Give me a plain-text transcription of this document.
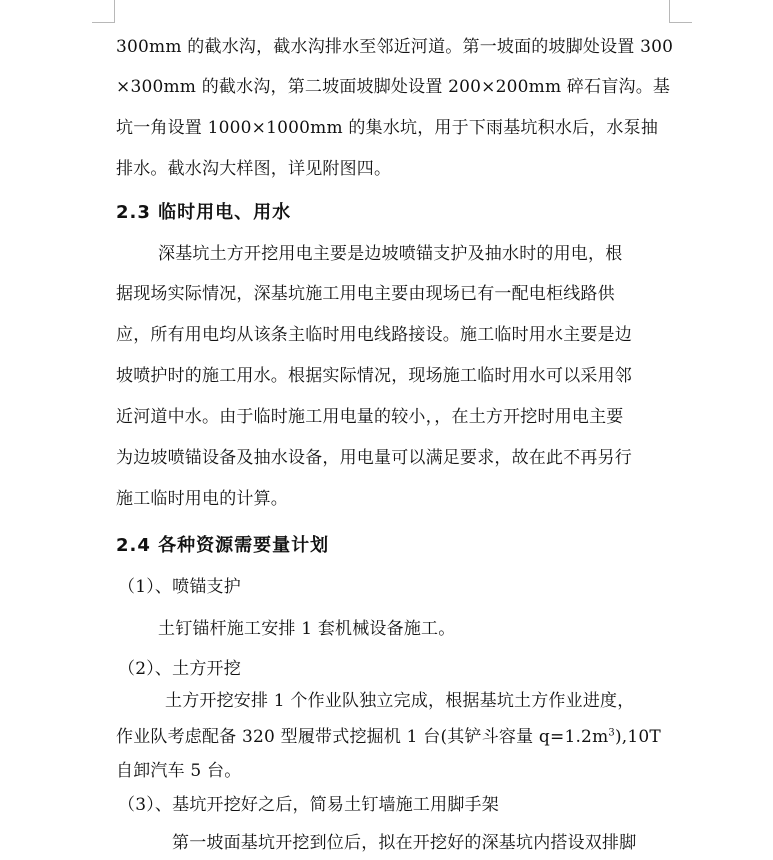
300mm 的截水沟，截水沟排水至邻近河道。第一坡面的坡脚处设置 300
×300mm 的截水沟，第二坡面坡脚处设置 200×200mm 碎石盲沟。基
坑一角设置 1000×1000mm 的集水坑，用于下雨基坑积水后，水泵抽
排水。截水沟大样图，详见附图四。
2.3 临时用电、用水
深基坑土方开挖用电主要是边坡喷锚支护及抽水时的用电，根
据现场实际情况，深基坑施工用电主要由现场已有一配电柜线路供
应，所有用电均从该条主临时用电线路接设。施工临时用水主要是边
坡喷护时的施工用水。根据实际情况，现场施工临时用水可以采用邻
近河道中水。由于临时施工用电量的较小，，在土方开挖时用电主要
为边坡喷锚设备及抽水设备，用电量可以满足要求，故在此不再另行
施工临时用电的计算。
2.4 各种资源需要量计划
（1）、喷锚支护
土钉锚杆施工安排 1 套机械设备施工。
（2）、土方开挖
土方开挖安排 1 个作业队独立完成，根据基坑土方作业进度，
作业队考虑配备 320 型履带式挖掘机 1 台(其铲斗容量 $q=1.2m^3),10T$
自卸汽车 5 台。
（3）、基坑开挖好之后，简易土钉墙施工用脚手架
第一坡面基坑开挖到位后，拟在开挖好的深基坑内搭设双排脚
